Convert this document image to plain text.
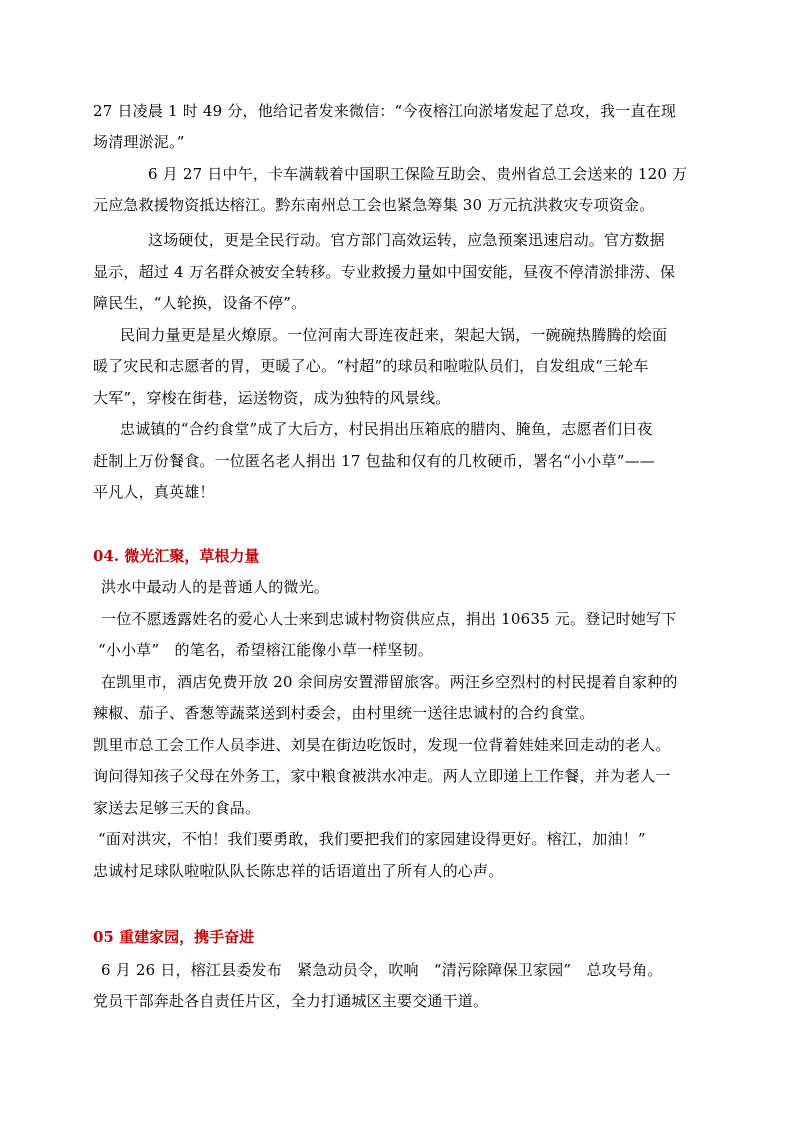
27 日凌晨 1 时 49 分，他给记者发来微信：“今夜榕江向淤堵发起了总攻，我一直在现
场清理淤泥。”
6 月 27 日中午，卡车满载着中国职工保险互助会、贵州省总工会送来的 120 万
元应急救援物资抵达榕江。黔东南州总工会也紧急筹集 30 万元抗洪救灾专项资金。
这场硬仗，更是全民行动。官方部门高效运转，应急预案迅速启动。官方数据
显示，超过 4 万名群众被安全转移。专业救援力量如中国安能，昼夜不停清淤排涝、保
障民生，“人轮换，设备不停”。
民间力量更是星火燎原。一位河南大哥连夜赶来，架起大锅，一碗碗热腾腾的烩面
暖了灾民和志愿者的胃，更暖了心。“村超”的球员和啦啦队员们，自发组成“三轮车
大军”，穿梭在街巷，运送物资，成为独特的风景线。
忠诚镇的“合约食堂”成了大后方，村民捐出压箱底的腊肉、腌鱼，志愿者们日夜
赶制上万份餐食。一位匿名老人捐出 17 包盐和仅有的几枚硬币，署名“小小草”——
平凡人，真英雄！
04. 微光汇聚，草根力量
洪水中最动人的是普通人的微光。
一位不愿透露姓名的爱心人士来到忠诚村物资供应点，捐出 10635 元。登记时她写下
“小小草”　的笔名，希望榕江能像小草一样坚韧。
在凯里市，酒店免费开放 20 余间房安置滞留旅客。两汪乡空烈村的村民提着自家种的
辣椒、茄子、香葱等蔬菜送到村委会，由村里统一送往忠诚村的合约食堂。
凯里市总工会工作人员李进、刘昊在街边吃饭时，发现一位背着娃娃来回走动的老人。
询问得知孩子父母在外务工，家中粮食被洪水冲走。两人立即递上工作餐，并为老人一
家送去足够三天的食品。
“面对洪灾，不怕！我们要勇敢，我们要把我们的家园建设得更好。榕江，加油！”
忠诚村足球队啦啦队队长陈忠祥的话语道出了所有人的心声。
05 重建家园，携手奋进
6 月 26 日，榕江县委发布　紧急动员令，吹响　“清污除障保卫家园”　总攻号角。
党员干部奔赴各自责任片区，全力打通城区主要交通干道。
